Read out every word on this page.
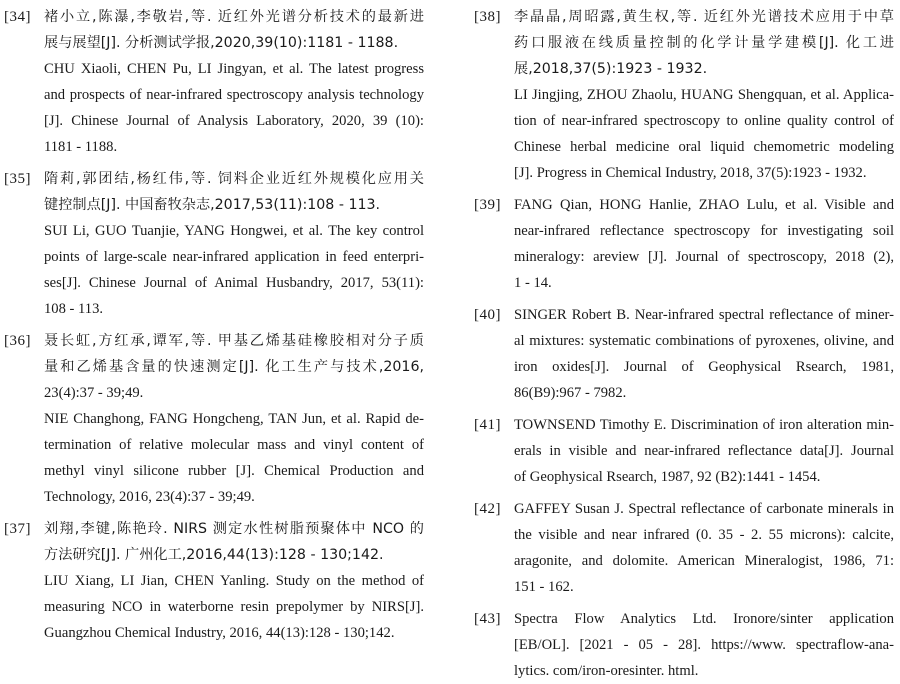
[34] 褚小立,陈瀑,李敬岩,等. 近红外光谱分析技术的最新进
展与展望[J]. 分析测试学报,2020,39(10):1181 - 1188.
CHU Xiaoli, CHEN Pu, LI Jingyan, et al. The latest progress
and prospects of near-infrared spectroscopy analysis technology
[J]. Chinese Journal of Analysis Laboratory, 2020, 39 (10):
1181 - 1188.
[35] 隋莉,郭团结,杨红伟,等. 饲料企业近红外规模化应用关
键控制点[J]. 中国畜牧杂志,2017,53(11):108 - 113.
SUI Li, GUO Tuanjie, YANG Hongwei, et al. The key control
points of large-scale near-infrared application in feed enterpri-
ses[J]. Chinese Journal of Animal Husbandry, 2017, 53(11):
108 - 113.
[36] 聂长虹,方红承,谭军,等. 甲基乙烯基硅橡胶相对分子质
量和乙烯基含量的快速测定[J]. 化工生产与技术,2016,
23(4):37 - 39;49.
NIE Changhong, FANG Hongcheng, TAN Jun, et al. Rapid de-
termination of relative molecular mass and vinyl content of
methyl vinyl silicone rubber [J]. Chemical Production and
Technology, 2016, 23(4):37 - 39;49.
[37] 刘翔,李键,陈艳玲. NIRS 测定水性树脂预聚体中 NCO 的
方法研究[J]. 广州化工,2016,44(13):128 - 130;142.
LIU Xiang, LI Jian, CHEN Yanling. Study on the method of
measuring NCO in waterborne resin prepolymer by NIRS[J].
Guangzhou Chemical Industry, 2016, 44(13):128 - 130;142.
[38] 李晶晶,周昭露,黄生权,等. 近红外光谱技术应用于中草
药口服液在线质量控制的化学计量学建模[J]. 化工进
展,2018,37(5):1923 - 1932.
LI Jingjing, ZHOU Zhaolu, HUANG Shengquan, et al. Applica-
tion of near-infrared spectroscopy to online quality control of
Chinese herbal medicine oral liquid chemometric modeling
[J]. Progress in Chemical Industry, 2018, 37(5):1923 - 1932.
[39] FANG Qian, HONG Hanlie, ZHAO Lulu, et al. Visible and
near-infrared reflectance spectroscopy for investigating soil
mineralogy: areview [J]. Journal of spectroscopy, 2018 (2),
1 - 14.
[40] SINGER Robert B. Near-infrared spectral reflectance of miner-
al mixtures: systematic combinations of pyroxenes, olivine, and
iron oxides[J]. Journal of Geophysical Rsearch, 1981,
86(B9):967 - 7982.
[41] TOWNSEND Timothy E. Discrimination of iron alteration min-
erals in visible and near-infrared reflectance data[J]. Journal
of Geophysical Rsearch, 1987, 92 (B2):1441 - 1454.
[42] GAFFEY Susan J. Spectral reflectance of carbonate minerals in
the visible and near infrared (0. 35 - 2. 55 microns): calcite,
aragonite, and dolomite. American Mineralogist, 1986, 71:
151 - 162.
[43] Spectra Flow Analytics Ltd. Ironore/sinter application
[EB/OL]. [2021 - 05 - 28]. https://www. spectraflow-ana-
lytics. com/iron-oresinter. html.
